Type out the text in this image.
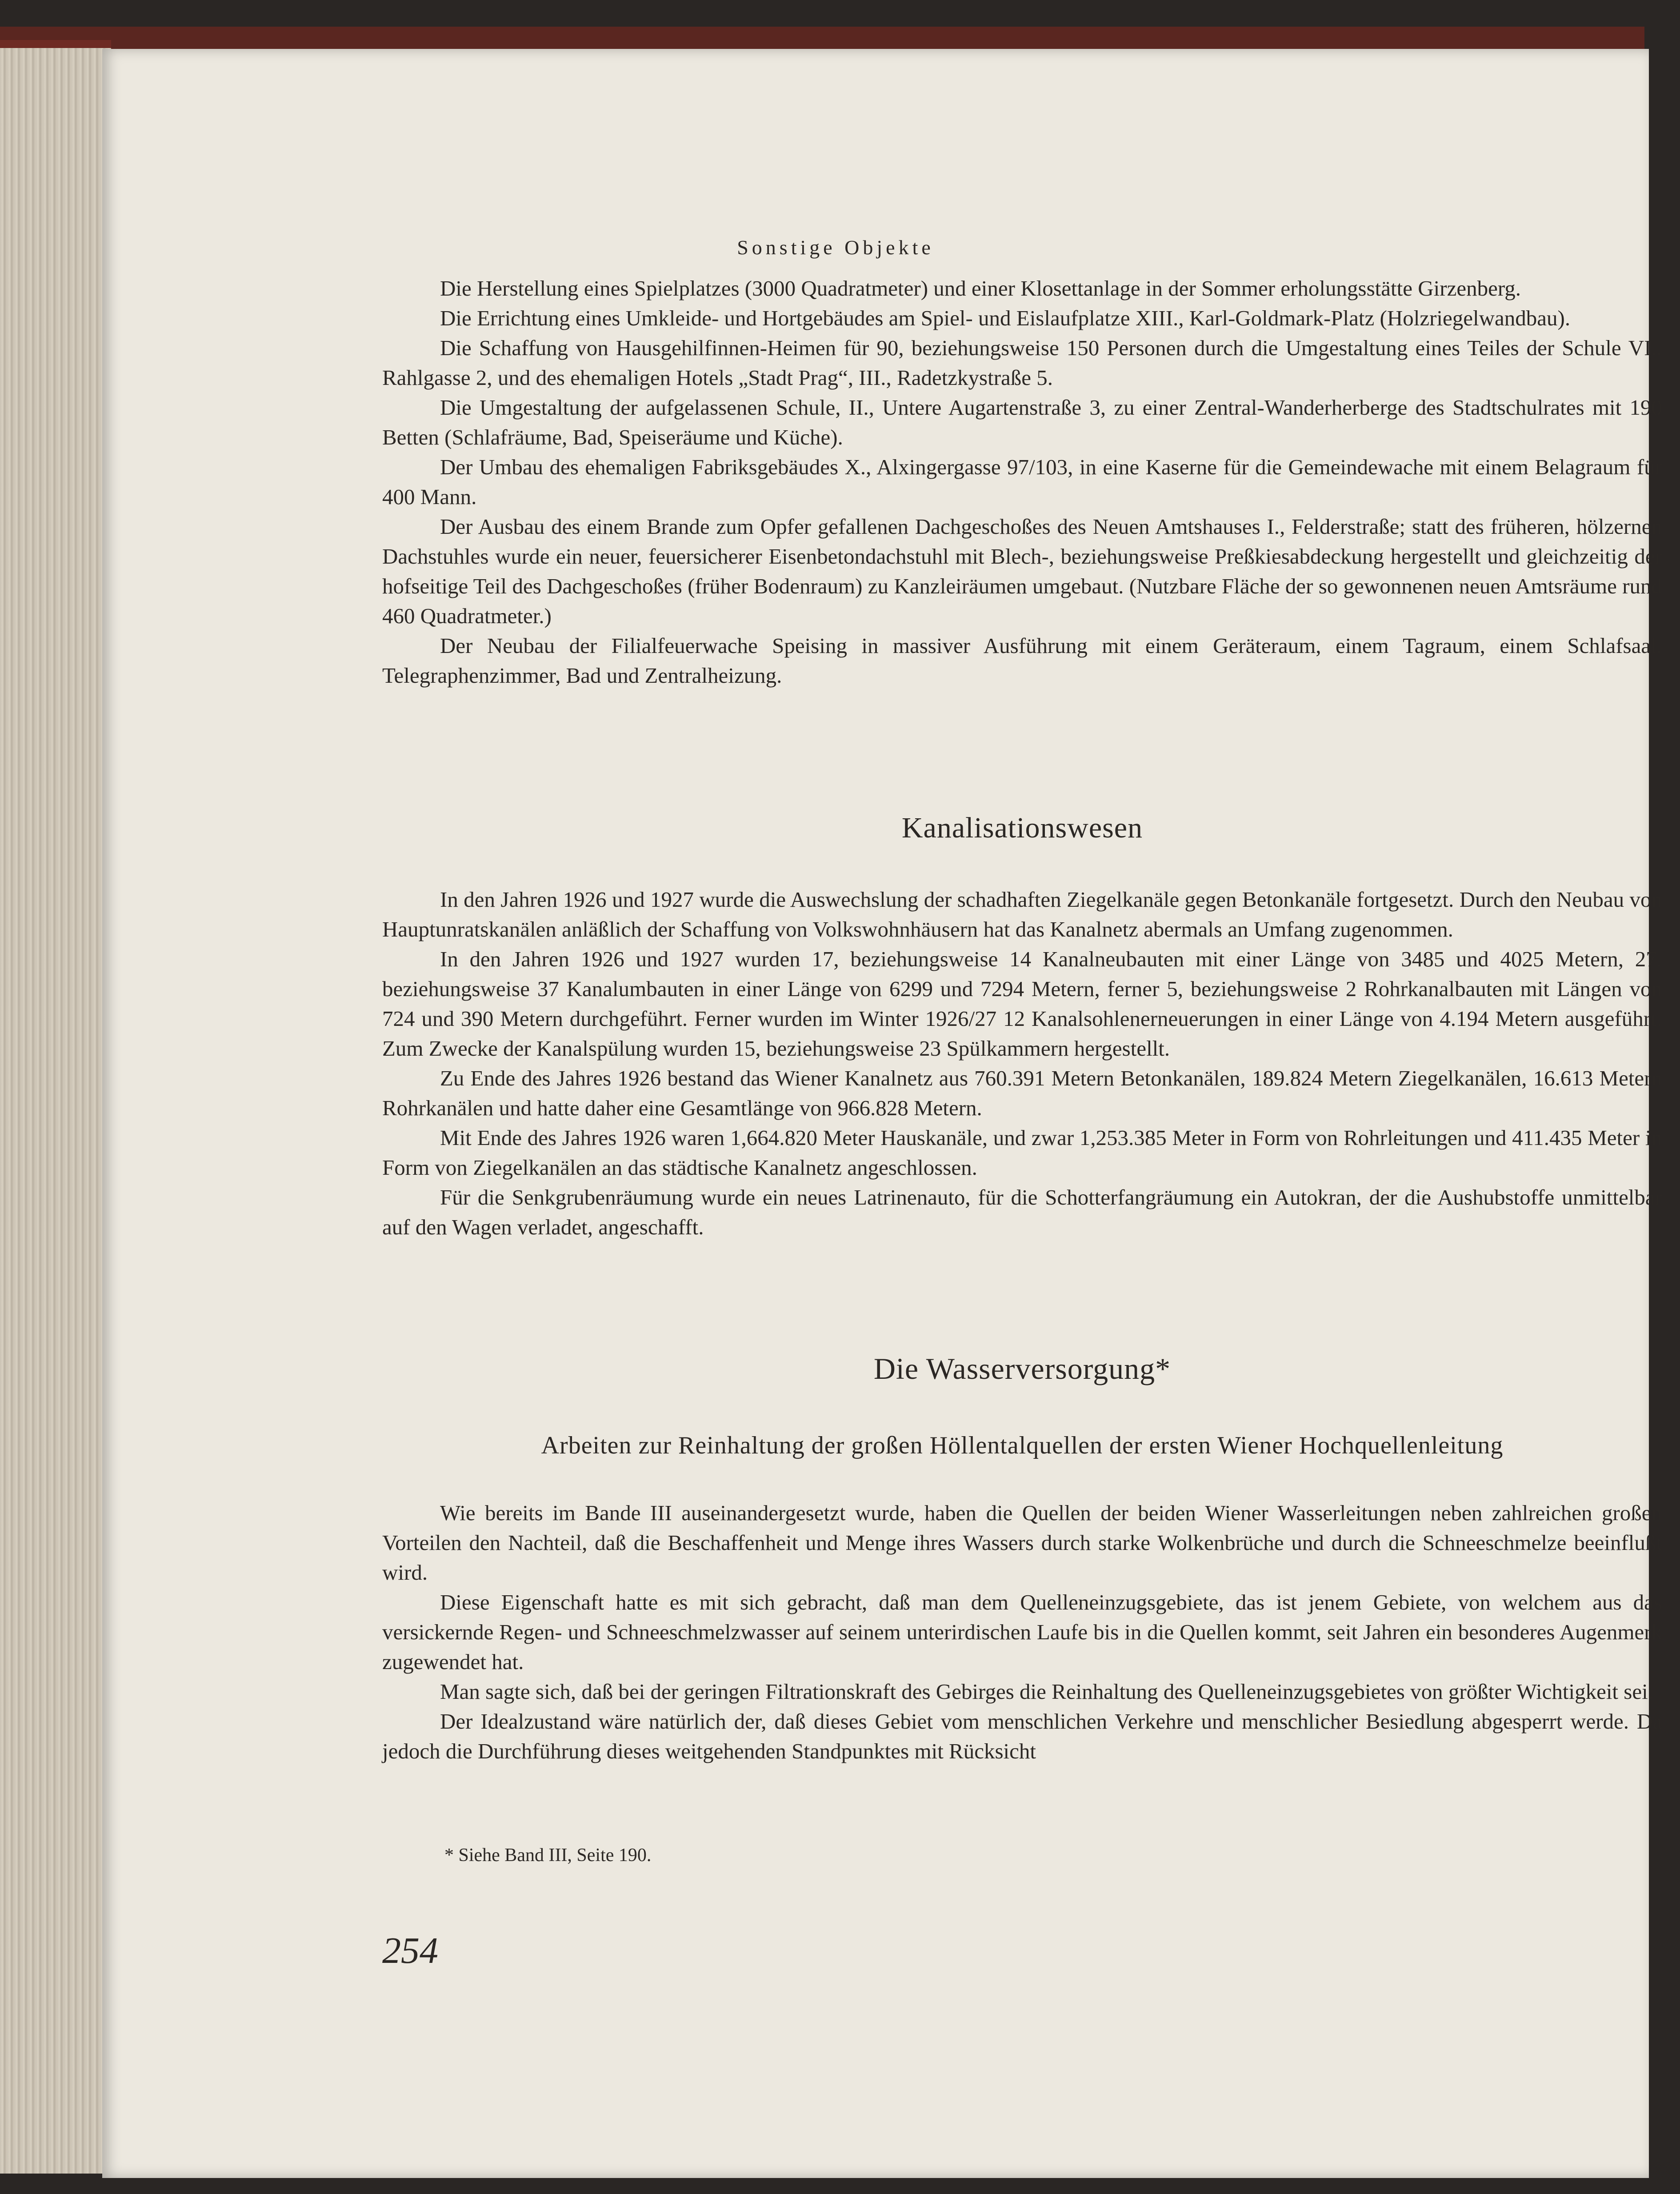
Sonstige Objekte

Die Herstellung eines Spielplatzes (3000 Quadratmeter) und einer Klosettanlage in der Sommer erholungsstätte Girzenberg.

Die Errichtung eines Umkleide- und Hortgebäudes am Spiel- und Eislaufplatze XIII., Karl-Goldmark-Platz (Holzriegelwandbau).

Die Schaffung von Hausgehilfinnen-Heimen für 90, beziehungsweise 150 Personen durch die Umgestaltung eines Teiles der Schule VI., Rahlgasse 2, und des ehemaligen Hotels „Stadt Prag“, III., Radetzkystraße 5.

Die Umgestaltung der aufgelassenen Schule, II., Untere Augartenstraße 3, zu einer Zentral-Wanderherberge des Stadtschulrates mit 190 Betten (Schlafräume, Bad, Speiseräume und Küche).

Der Umbau des ehemaligen Fabriksgebäudes X., Alxingergasse 97/103, in eine Kaserne für die Gemeindewache mit einem Belagraum für 400 Mann.

Der Ausbau des einem Brande zum Opfer gefallenen Dachgeschoßes des Neuen Amtshauses I., Felderstraße; statt des früheren, hölzernen Dachstuhles wurde ein neuer, feuersicherer Eisenbetondachstuhl mit Blech-, beziehungsweise Preßkiesabdeckung hergestellt und gleichzeitig der hofseitige Teil des Dachgeschoßes (früher Bodenraum) zu Kanzleiräumen umgebaut. (Nutzbare Fläche der so gewonnenen neuen Amtsräume rund 460 Quadratmeter.)

Der Neubau der Filialfeuerwache Speising in massiver Ausführung mit einem Geräteraum, einem Tagraum, einem Schlafsaal, Telegraphenzimmer, Bad und Zentralheizung.

Kanalisationswesen

In den Jahren 1926 und 1927 wurde die Auswechslung der schadhaften Ziegelkanäle gegen Betonkanäle fortgesetzt. Durch den Neubau von Hauptunratskanälen anläßlich der Schaffung von Volkswohnhäusern hat das Kanalnetz abermals an Umfang zugenommen.

In den Jahren 1926 und 1927 wurden 17, beziehungsweise 14 Kanalneubauten mit einer Länge von 3485 und 4025 Metern, 27, beziehungsweise 37 Kanalumbauten in einer Länge von 6299 und 7294 Metern, ferner 5, beziehungsweise 2 Rohrkanalbauten mit Längen von 724 und 390 Metern durchgeführt. Ferner wurden im Winter 1926/27 12 Kanalsohlenerneuerungen in einer Länge von 4.194 Metern ausgeführt. Zum Zwecke der Kanalspülung wurden 15, beziehungsweise 23 Spülkammern hergestellt.

Zu Ende des Jahres 1926 bestand das Wiener Kanalnetz aus 760.391 Metern Betonkanälen, 189.824 Metern Ziegelkanälen, 16.613 Metern Rohrkanälen und hatte daher eine Gesamtlänge von 966.828 Metern.

Mit Ende des Jahres 1926 waren 1,664.820 Meter Hauskanäle, und zwar 1,253.385 Meter in Form von Rohrleitungen und 411.435 Meter in Form von Ziegelkanälen an das städtische Kanalnetz angeschlossen.

Für die Senkgrubenräumung wurde ein neues Latrinenauto, für die Schotterfangräumung ein Autokran, der die Aushubstoffe unmittelbar auf den Wagen verladet, angeschafft.

Die Wasserversorgung*
Arbeiten zur Reinhaltung der großen Höllentalquellen der ersten Wiener Hochquellenleitung

Wie bereits im Bande III auseinandergesetzt wurde, haben die Quellen der beiden Wiener Wasserleitungen neben zahlreichen großen Vorteilen den Nachteil, daß die Beschaffenheit und Menge ihres Wassers durch starke Wolkenbrüche und durch die Schneeschmelze beeinflußt wird.

Diese Eigenschaft hatte es mit sich gebracht, daß man dem Quelleneinzugsgebiete, das ist jenem Gebiete, von welchem aus das versickernde Regen- und Schneeschmelzwasser auf seinem unterirdischen Laufe bis in die Quellen kommt, seit Jahren ein besonderes Augenmerk zugewendet hat.

Man sagte sich, daß bei der geringen Filtrationskraft des Gebirges die Reinhaltung des Quelleneinzugsgebietes von größter Wichtigkeit sei.

Der Idealzustand wäre natürlich der, daß dieses Gebiet vom menschlichen Verkehre und menschlicher Besiedlung abgesperrt werde. Da jedoch die Durchführung dieses weitgehenden Standpunktes mit Rücksicht

* Siehe Band III, Seite 190.
254
